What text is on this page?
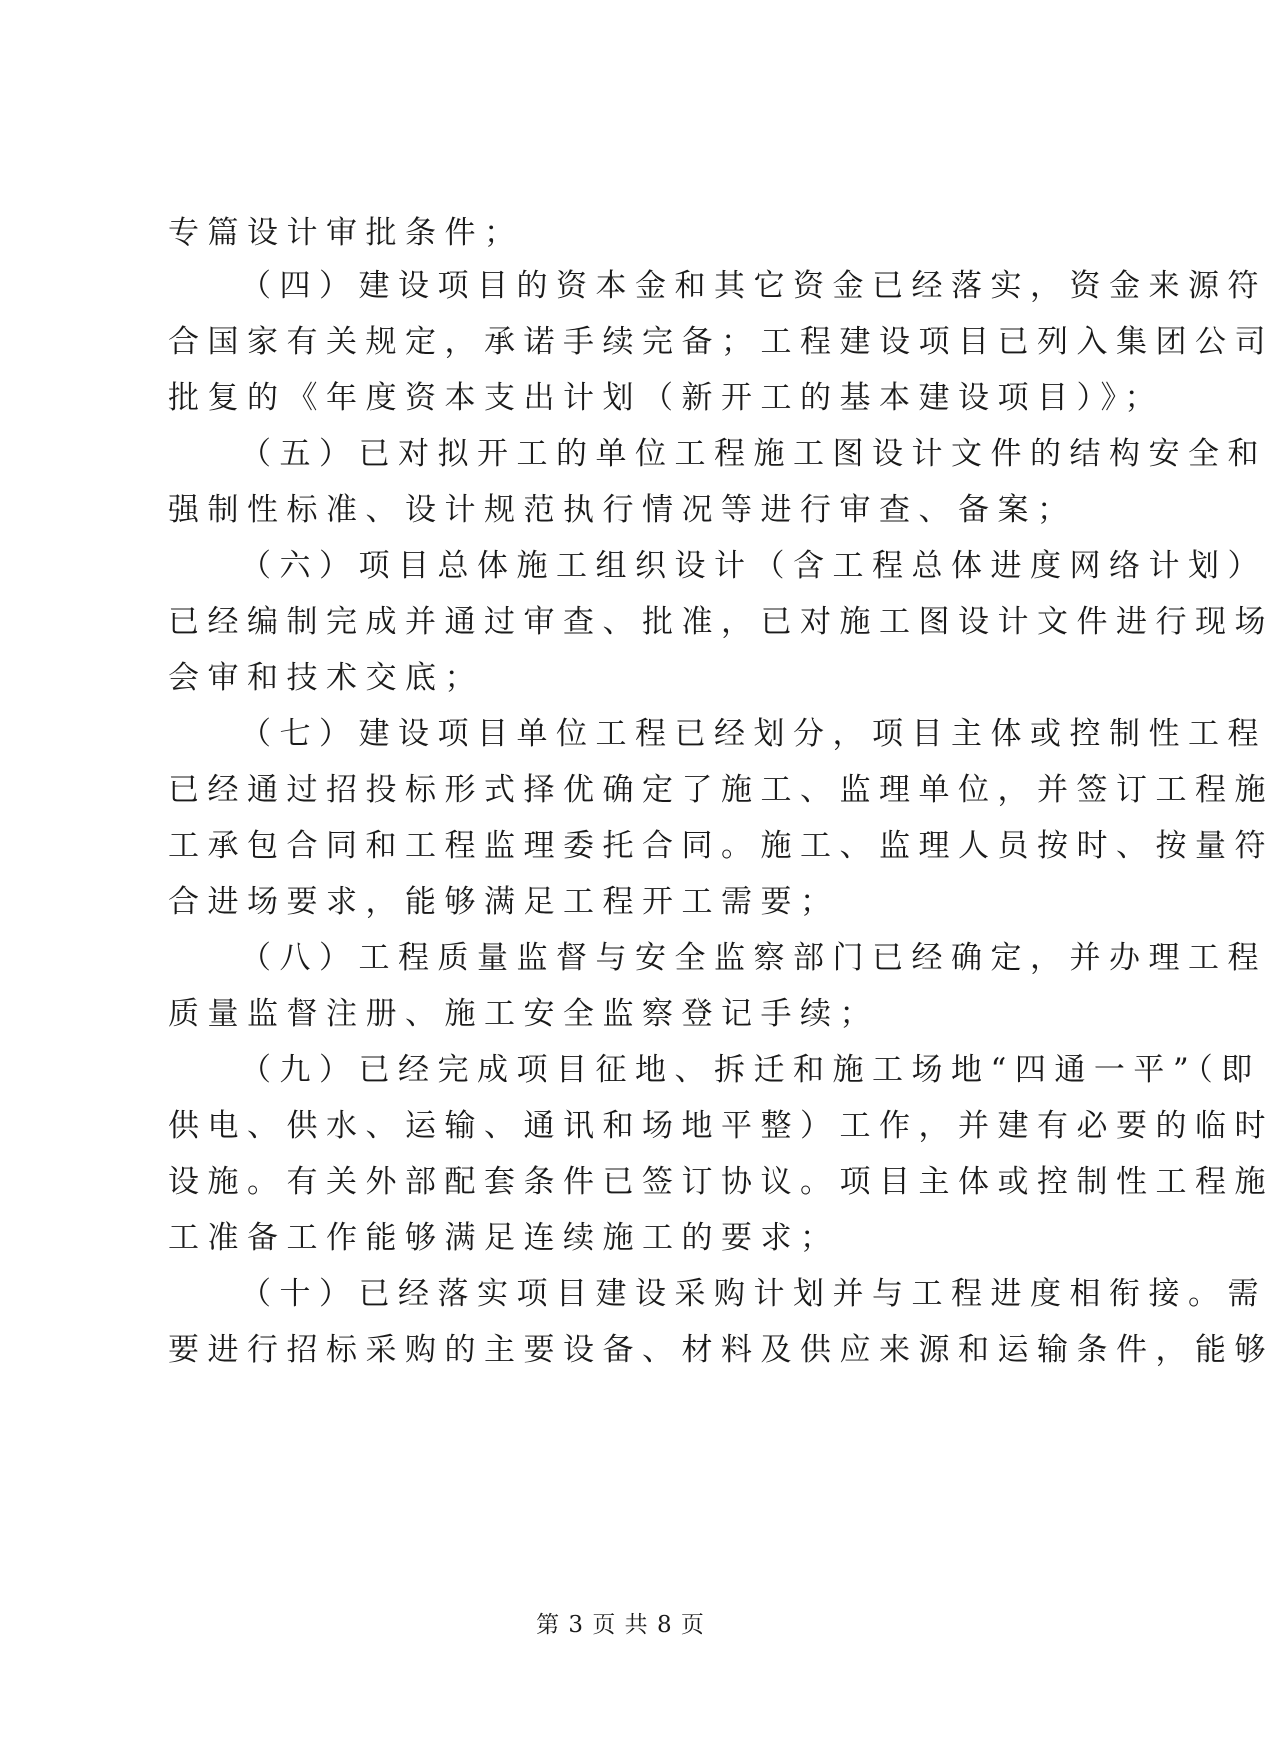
专篇设计审批条件；
（四）建设项目的资本金和其它资金已经落实，资金来源符
合国家有关规定，承诺手续完备；工程建设项目已列入集团公司
批复的《年度资本支出计划（新开工的基本建设项目）》；
（五）已对拟开工的单位工程施工图设计文件的结构安全和
强制性标准、设计规范执行情况等进行审查、备案；
（六）项目总体施工组织设计（含工程总体进度网络计划）
已经编制完成并通过审查、批准，已对施工图设计文件进行现场
会审和技术交底；
（七）建设项目单位工程已经划分，项目主体或控制性工程
已经通过招投标形式择优确定了施工、监理单位，并签订工程施
工承包合同和工程监理委托合同。施工、监理人员按时、按量符
合进场要求，能够满足工程开工需要；
（八）工程质量监督与安全监察部门已经确定，并办理工程
质量监督注册、施工安全监察登记手续；
（九）已经完成项目征地、拆迁和施工场地“四通一平”（即
供电、供水、运输、通讯和场地平整）工作，并建有必要的临时
设施。有关外部配套条件已签订协议。项目主体或控制性工程施
工准备工作能够满足连续施工的要求；
（十）已经落实项目建设采购计划并与工程进度相衔接。需
要进行招标采购的主要设备、材料及供应来源和运输条件，能够
第 3 页 共 8 页
